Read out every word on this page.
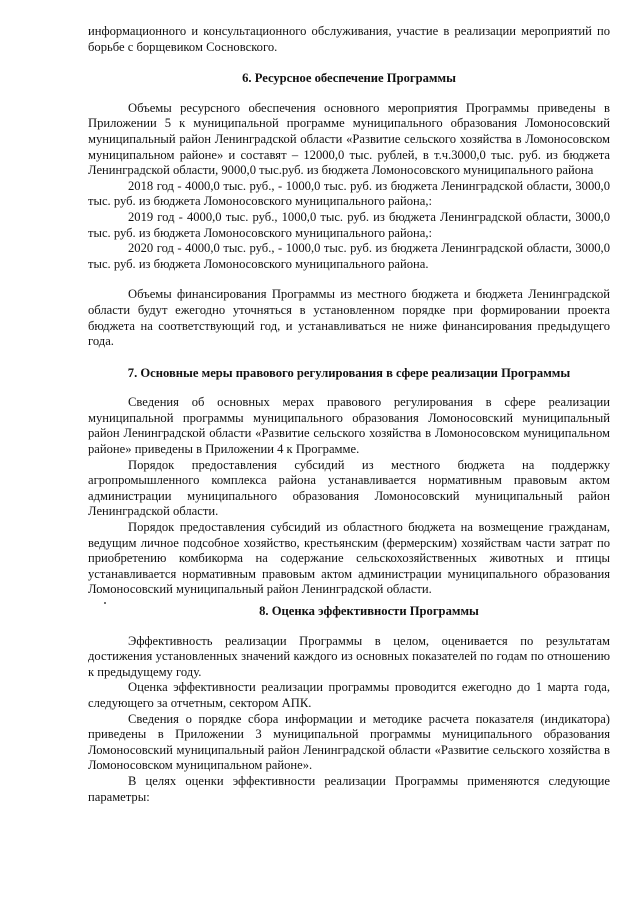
информационного и консультационного обслуживания, участие в реализации мероприятий по борьбе с борщевиком Сосновского.

6. Ресурсное обеспечение Программы

Объемы ресурсного обеспечения основного мероприятия Программы приведены в Приложении 5 к муниципальной программе муниципального образования Ломоносовский муниципальный район Ленинградской области «Развитие сельского хозяйства в Ломоносовском муниципальном районе» и составят – 12000,0 тыс. рублей, в т.ч.3000,0 тыс. руб. из бюджета Ленинградской области, 9000,0 тыс.руб. из бюджета Ломоносовского муниципального района

2018 год - 4000,0 тыс. руб., - 1000,0 тыс. руб. из бюджета Ленинградской области, 3000,0 тыс. руб. из бюджета Ломоносовского муниципального района,:

2019 год - 4000,0 тыс. руб., 1000,0 тыс. руб. из бюджета Ленинградской области, 3000,0 тыс. руб. из бюджета Ломоносовского муниципального района,:

2020 год - 4000,0 тыс. руб., - 1000,0 тыс. руб. из бюджета Ленинградской области, 3000,0 тыс. руб. из бюджета Ломоносовского муниципального района.

Объемы финансирования Программы из местного бюджета и бюджета Ленинградской области будут ежегодно уточняться в установленном порядке при формировании проекта бюджета на соответствующий год, и устанавливаться не ниже финансирования предыдущего года.

7. Основные меры правового регулирования в сфере реализации Программы

Сведения об основных мерах правового регулирования в сфере реализации муниципальной программы муниципального образования Ломоносовский муниципальный район Ленинградской области «Развитие сельского хозяйства в Ломоносовском муниципальном районе» приведены в Приложении 4 к Программе.

Порядок предоставления субсидий из местного бюджета на поддержку агропромышленного комплекса района устанавливается нормативным правовым актом администрации муниципального образования Ломоносовский муниципальный район Ленинградской области.

Порядок предоставления субсидий из областного бюджета на возмещение гражданам, ведущим личное подсобное хозяйство, крестьянским (фермерским) хозяйствам части затрат по приобретению комбикорма на содержание сельскохозяйственных животных и птицы устанавливается нормативным правовым актом администрации муниципального образования Ломоносовский муниципальный район Ленинградской области.

8. Оценка эффективности Программы

Эффективность реализации Программы в целом, оценивается по результатам достижения установленных значений каждого из основных показателей по годам по отношению к предыдущему году.

Оценка эффективности реализации программы проводится ежегодно до 1 марта года, следующего за отчетным, сектором АПК.

Сведения о порядке сбора информации и методике расчета показателя (индикатора) приведены в Приложении 3 муниципальной программы муниципального образования Ломоносовский муниципальный район Ленинградской области «Развитие сельского хозяйства в Ломоносовском муниципальном районе».

В целях оценки эффективности реализации Программы применяются следующие параметры:
